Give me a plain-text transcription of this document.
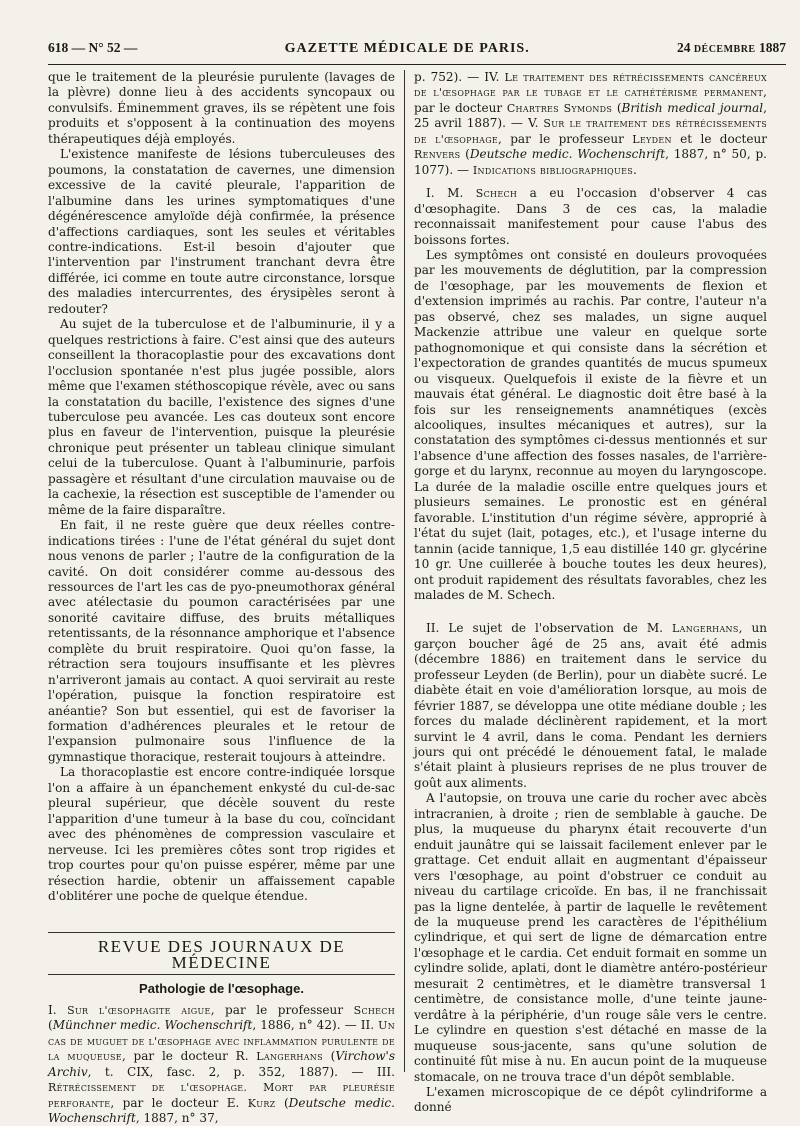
618 — N° 52 —	GAZETTE MÉDICALE DE PARIS.	24 DÉCEMBRE 1887

que le traitement de la pleurésie purulente (lavages de la plèvre) donne lieu à des accidents syncopaux ou convulsifs. Éminemment graves, ils se répètent une fois produits et s'opposent à la continuation des moyens thérapeutiques déjà employés.

L'existence manifeste de lésions tuberculeuses des poumons, la constatation de cavernes, une dimension excessive de la cavité pleurale, l'apparition de l'albumine dans les urines symptomatiques d'une dégénérescence amyloïde déjà confirmée, la présence d'affections cardiaques, sont les seules et véritables contre-indications. Est-il besoin d'ajouter que l'intervention par l'instrument tranchant devra être différée, ici comme en toute autre circonstance, lorsque des maladies intercurrentes, des érysipèles seront à redouter?

Au sujet de la tuberculose et de l'albuminurie, il y a quelques restrictions à faire. C'est ainsi que des auteurs conseillent la thoracoplastie pour des excavations dont l'occlusion spontanée n'est plus jugée possible, alors même que l'examen stéthoscopique révèle, avec ou sans la constatation du bacille, l'existence des signes d'une tuberculose peu avancée. Les cas douteux sont encore plus en faveur de l'intervention, puisque la pleurésie chronique peut présenter un tableau clinique simulant celui de la tuberculose. Quant à l'albuminurie, parfois passagère et résultant d'une circulation mauvaise ou de la cachexie, la résection est susceptible de l'amender ou même de la faire disparaître.

En fait, il ne reste guère que deux réelles contre-indications tirées : l'une de l'état général du sujet dont nous venons de parler ; l'autre de la configuration de la cavité. On doit considérer comme au-dessous des ressources de l'art les cas de pyo-pneumothorax général avec atélectasie du poumon caractérisées par une sonorité cavitaire diffuse, des bruits métalliques retentissants, de la résonnance amphorique et l'absence complète du bruit respiratoire. Quoi qu'on fasse, la rétraction sera toujours insuffisante et les plèvres n'arriveront jamais au contact. A quoi servirait au reste l'opération, puisque la fonction respiratoire est anéantie? Son but essentiel, qui est de favoriser la formation d'adhérences pleurales et le retour de l'expansion pulmonaire sous l'influence de la gymnastique thoracique, resterait toujours à atteindre.

La thoracoplastie est encore contre-indiquée lorsque l'on a affaire à un épanchement enkysté du cul-de-sac pleural supérieur, que décèle souvent du reste l'apparition d'une tumeur à la base du cou, coïncidant avec des phénomènes de compression vasculaire et nerveuse. Ici les premières côtes sont trop rigides et trop courtes pour qu'on puisse espérer, même par une résection hardie, obtenir un affaissement capable d'oblitérer une poche de quelque étendue.

REVUE DES JOURNAUX DE MÉDECINE
Pathologie de l'œsophage.

I. Sur l'œsophagite aigue, par le professeur Schech (Münchner medic. Wochenschrift, 1886, n° 42). — II. Un cas de muguet de l'œsophage avec inflammation purulente de la muqueuse, par le docteur R. Langerhans (Virchow's Archiv, t. CIX, fasc. 2, p. 352, 1887). — III. Rétrécissement de l'œsophage. Mort par pleurésie perforante, par le docteur E. Kurz (Deutsche medic. Wochenschrift, 1887, n° 37,

p. 752). — IV. Le traitement des rétrécissements cancéreux de l'œsophage par le tubage et le cathétérisme permanent, par le docteur Chartres Symonds (British medical journal, 25 avril 1887). — V. Sur le traitement des rétrécissements de l'œsophage, par le professeur Leyden et le docteur Renvers (Deutsche medic. Wochenschrift, 1887, n° 50, p. 1077). — Indications bibliographiques.

I. M. Schech a eu l'occasion d'observer 4 cas d'œsophagite. Dans 3 de ces cas, la maladie reconnaissait manifestement pour cause l'abus des boissons fortes.

Les symptômes ont consisté en douleurs provoquées par les mouvements de déglutition, par la compression de l'œsophage, par les mouvements de flexion et d'extension imprimés au rachis. Par contre, l'auteur n'a pas observé, chez ses malades, un signe auquel Mackenzie attribue une valeur en quelque sorte pathognomonique et qui consiste dans la sécrétion et l'expectoration de grandes quantités de mucus spumeux ou visqueux. Quelquefois il existe de la fièvre et un mauvais état général. Le diagnostic doit être basé à la fois sur les renseignements anamnétiques (excès alcooliques, insultes mécaniques et autres), sur la constatation des symptômes ci-dessus mentionnés et sur l'absence d'une affection des fosses nasales, de l'arrière-gorge et du larynx, reconnue au moyen du laryngoscope. La durée de la maladie oscille entre quelques jours et plusieurs semaines. Le pronostic est en général favorable. L'institution d'un régime sévère, approprié à l'état du sujet (lait, potages, etc.), et l'usage interne du tannin (acide tannique, 1,5 eau distillée 140 gr. glycérine 10 gr. Une cuillerée à bouche toutes les deux heures), ont produit rapidement des résultats favorables, chez les malades de M. Schech.

II. Le sujet de l'observation de M. Langerhans, un garçon boucher âgé de 25 ans, avait été admis (décembre 1886) en traitement dans le service du professeur Leyden (de Berlin), pour un diabète sucré. Le diabète était en voie d'amélioration lorsque, au mois de février 1887, se développa une otite médiane double ; les forces du malade déclinèrent rapidement, et la mort survint le 4 avril, dans le coma. Pendant les derniers jours qui ont précédé le dénouement fatal, le malade s'était plaint à plusieurs reprises de ne plus trouver de goût aux aliments.

A l'autopsie, on trouva une carie du rocher avec abcès intracranien, à droite ; rien de semblable à gauche. De plus, la muqueuse du pharynx était recouverte d'un enduit jaunâtre qui se laissait facilement enlever par le grattage. Cet enduit allait en augmentant d'épaisseur vers l'œsophage, au point d'obstruer ce conduit au niveau du cartilage cricoïde. En bas, il ne franchissait pas la ligne dentelée, à partir de laquelle le revêtement de la muqueuse prend les caractères de l'épithélium cylindrique, et qui sert de ligne de démarcation entre l'œsophage et le cardia. Cet enduit formait en somme un cylindre solide, aplati, dont le diamètre antéro-postérieur mesurait 2 centimètres, et le diamètre transversal 1 centimètre, de consistance molle, d'une teinte jaune-verdâtre à la périphérie, d'un rouge sâle vers le centre. Le cylindre en question s'est détaché en masse de la muqueuse sous-jacente, sans qu'une solution de continuité fût mise à nu. En aucun point de la muqueuse stomacale, on ne trouva trace d'un dépôt semblable.

L'examen microscopique de ce dépôt cylindriforme a donné
